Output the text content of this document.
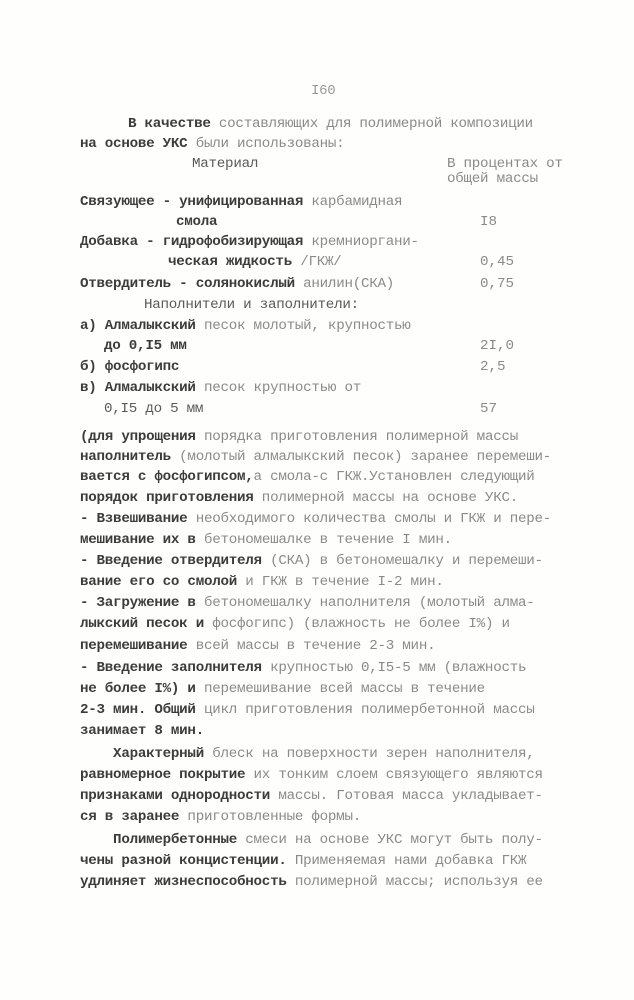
I60
В качестве составляющих для полимерной композиции
на основе УКС были использованы:
Материал	В процентах от
общей массы
Связующее - унифицированная карбамидная
смола	I8
Добавка - гидрофобизирующая кремниоргани-
ческая жидкость /ГКЖ/	0,45
Отвердитель - солянокислый анилин(СКА)	0,75
Наполнители и заполнители:
а) Алмалыкский песок молотый, крупностью
до 0,I5 мм	2I,0
б) фосфогипс	2,5
в) Алмалыкский песок крупностью от
0,I5 до 5 мм	57
(для упрощения порядка приготовления полимерной массы
наполнитель (молотый алмалыкский песок) заранее перемеши-
вается с фосфогипсом,а смола-с ГКЖ.Установлен следующий
порядок приготовления полимерной массы на основе УКС.
- Взвешивание необходимого количества смолы и ГКЖ и пере-
мешивание их в бетономешалке в течение I мин.
- Введение отвердителя (СКА) в бетономешалку и перемеши-
вание его со смолой и ГКЖ в течение I-2 мин.
- Загружение в бетономешалку наполнителя (молотый алма-
лыкский песок и фосфогипс) (влажность не более I%) и
перемешивание всей массы в течение 2-3 мин.
- Введение заполнителя крупностью 0,I5-5 мм (влажность
не более I%) и перемешивание всей массы в течение
2-3 мин. Общий цикл приготовления полимербетонной массы
занимает 8 мин.
Характерный блеск на поверхности зерен наполнителя,
равномерное покрытие их тонким слоем связующего являются
признаками однородности массы. Готовая масса укладывает-
ся в заранее приготовленные формы.
Полимербетонные смеси на основе УКС могут быть полу-
чены разной концистенции. Применяемая нами добавка ГКЖ
удлиняет жизнеспособность полимерной массы; используя ее
